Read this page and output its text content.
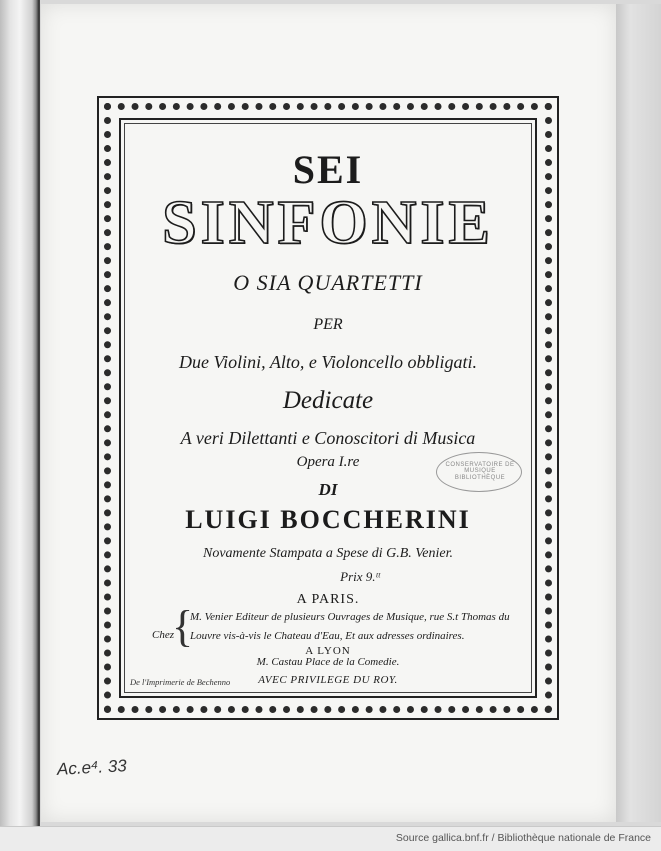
SEI
SINFONIE
O SIA QUARTETTI
PER
Due Violini, Alto, e Violoncello obbligati.
Dedicate
A veri Dilettanti e Conoscitori di Musica
Opera I.re
DI
LUIGI BOCCHERINI
Novamente Stampata a Spese di G.B. Venier.
Prix 9.ᵗᵗ
A PARIS.
Chez
{
M. Venier Editeur de plusieurs Ouvrages de Musique, rue S.t Thomas du
Louvre vis-à-vis le Chateau d'Eau, Et aux adresses ordinaires.
A LYON
M. Castau Place de la Comedie.
AVEC PRIVILEGE DU ROY.
De l'Imprimerie de Bechenno
CONSERVATOIRE DE MUSIQUE
BIBLIOTHÈQUE
Ac.e⁴. 33
Source gallica.bnf.fr / Bibliothèque nationale de France
